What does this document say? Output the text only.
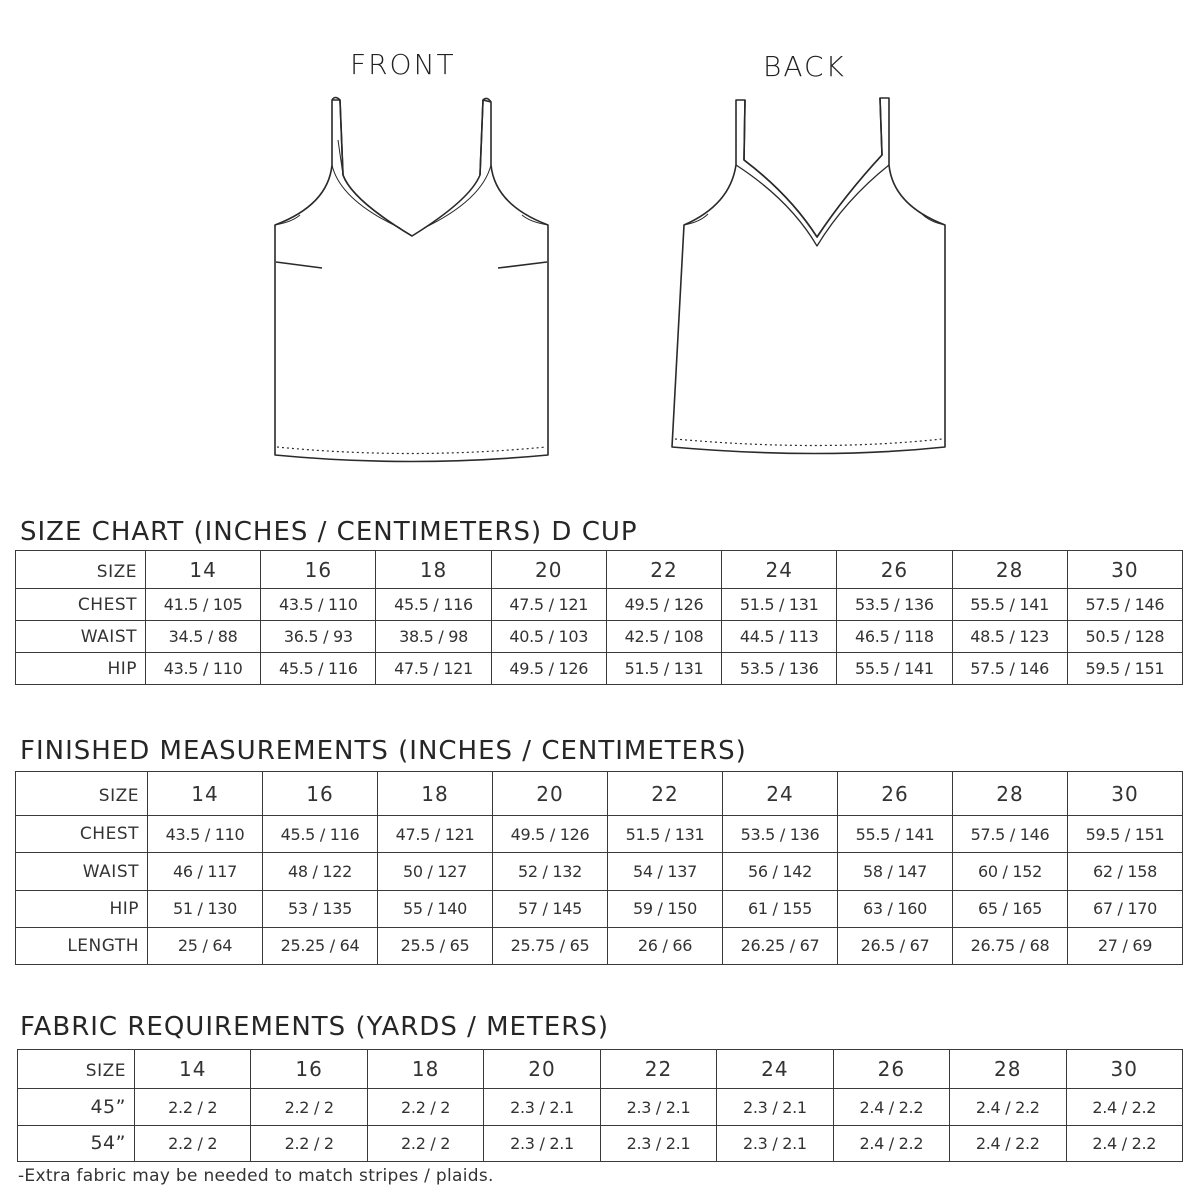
FRONT	BACK
SIZE CHART (INCHES / CENTIMETERS) D CUP
SIZE	14	16	18	20	22	24	26	28	30
CHEST	41.5 / 105	43.5 / 110	45.5 / 116	47.5 / 121	49.5 / 126	51.5 / 131	53.5 / 136	55.5 / 141	57.5 / 146
WAIST	34.5 / 88	36.5 / 93	38.5 / 98	40.5 / 103	42.5 / 108	44.5 / 113	46.5 / 118	48.5 / 123	50.5 / 128
HIP	43.5 / 110	45.5 / 116	47.5 / 121	49.5 / 126	51.5 / 131	53.5 / 136	55.5 / 141	57.5 / 146	59.5 / 151
FINISHED MEASUREMENTS (INCHES / CENTIMETERS)
SIZE	14	16	18	20	22	24	26	28	30
CHEST	43.5 / 110	45.5 / 116	47.5 / 121	49.5 / 126	51.5 / 131	53.5 / 136	55.5 / 141	57.5 / 146	59.5 / 151
WAIST	46 / 117	48 / 122	50 / 127	52 / 132	54 / 137	56 / 142	58 / 147	60 / 152	62 / 158
HIP	51 / 130	53 / 135	55 / 140	57 / 145	59 / 150	61 / 155	63 / 160	65 / 165	67 / 170
LENGTH	25 / 64	25.25 / 64	25.5 / 65	25.75 / 65	26 / 66	26.25 / 67	26.5 / 67	26.75 / 68	27 / 69
FABRIC REQUIREMENTS (YARDS / METERS)
SIZE	14	16	18	20	22	24	26	28	30
45”	2.2 / 2	2.2 / 2	2.2 / 2	2.3 / 2.1	2.3 / 2.1	2.3 / 2.1	2.4 / 2.2	2.4 / 2.2	2.4 / 2.2
54”	2.2 / 2	2.2 / 2	2.2 / 2	2.3 / 2.1	2.3 / 2.1	2.3 / 2.1	2.4 / 2.2	2.4 / 2.2	2.4 / 2.2
-Extra fabric may be needed to match stripes / plaids.
